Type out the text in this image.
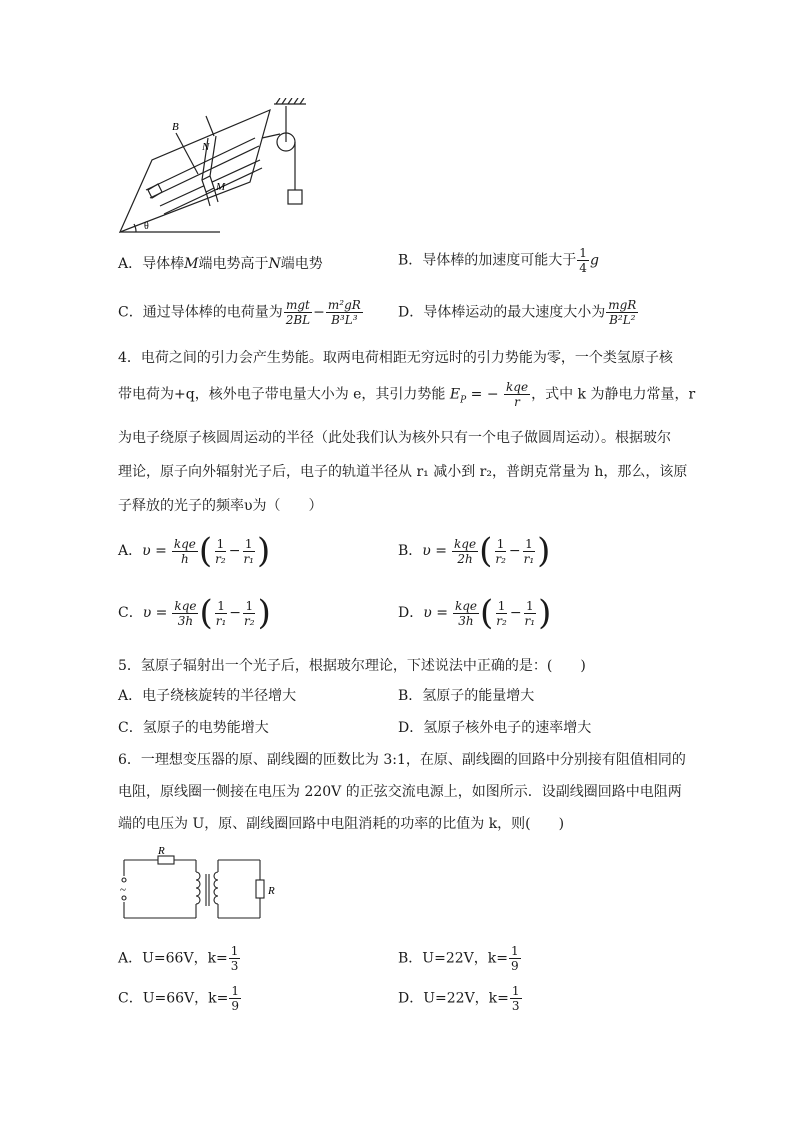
B
N
M
θ
A．导体棒M端电势高于N端电势	B．导体棒的加速度可能大于 $\frac{1}{4}$ g
C．通过导体棒的电荷量为 $\frac{\text{mgt}}{2BL} - \frac{\text{m²gR}}{\text{B³L³}}$	D．导体棒运动的最大速度大小为 $\frac{\text{mgR}}{\text{B²L²}}$
4．电荷之间的引力会产生势能。取两电荷相距无穷远时的引力势能为零，一个类氢原子核
带电荷为+q，核外电子带电量大小为 e，其引力势能 $E_P$ = − $\frac{\text{kqe}}{r}$ ，式中 k 为静电力常量，r
为电子绕原子核圆周运动的半径（此处我们认为核外只有一个电子做圆周运动）。根据玻尔
理论，原子向外辐射光子后，电子的轨道半径从 r₁ 减小到 r₂，普朗克常量为 h，那么，该原
子释放的光子的频率υ为（　　）
A． $\upsilon = \frac{\text{kqe}}{h}$ ( $\frac{1}{\text{r₂}} - \frac{1}{\text{r₁}}$ )	B． $\upsilon = \frac{\text{kqe}}{2h}$ ( $\frac{1}{\text{r₂}} - \frac{1}{\text{r₁}}$ )
C． $\upsilon = \frac{\text{kqe}}{3h}$ ( $\frac{1}{\text{r₁}} - \frac{1}{\text{r₂}}$ )	D． $\upsilon = \frac{\text{kqe}}{3h}$ ( $\frac{1}{\text{r₂}} - \frac{1}{\text{r₁}}$ )
5．氢原子辐射出一个光子后，根据玻尔理论，下述说法中正确的是：(　　)
A．电子绕核旋转的半径增大	B．氢原子的能量增大
C．氢原子的电势能增大	D．氢原子核外电子的速率增大
6．一理想变压器的原、副线圈的匝数比为 3:1，在原、副线圈的回路中分别接有阻值相同的
电阻，原线圈一侧接在电压为 220V 的正弦交流电源上，如图所示．设副线圈回路中电阻两
端的电压为 U，原、副线圈回路中电阻消耗的功率的比值为 k，则(　　)
R
R
~
A．U=66V，$k= \frac{1}{3}$	B．U=22V，$k= \frac{1}{9}$
C．U=66V，$k= \frac{1}{9}$	D．U=22V，$k= \frac{1}{3}$
